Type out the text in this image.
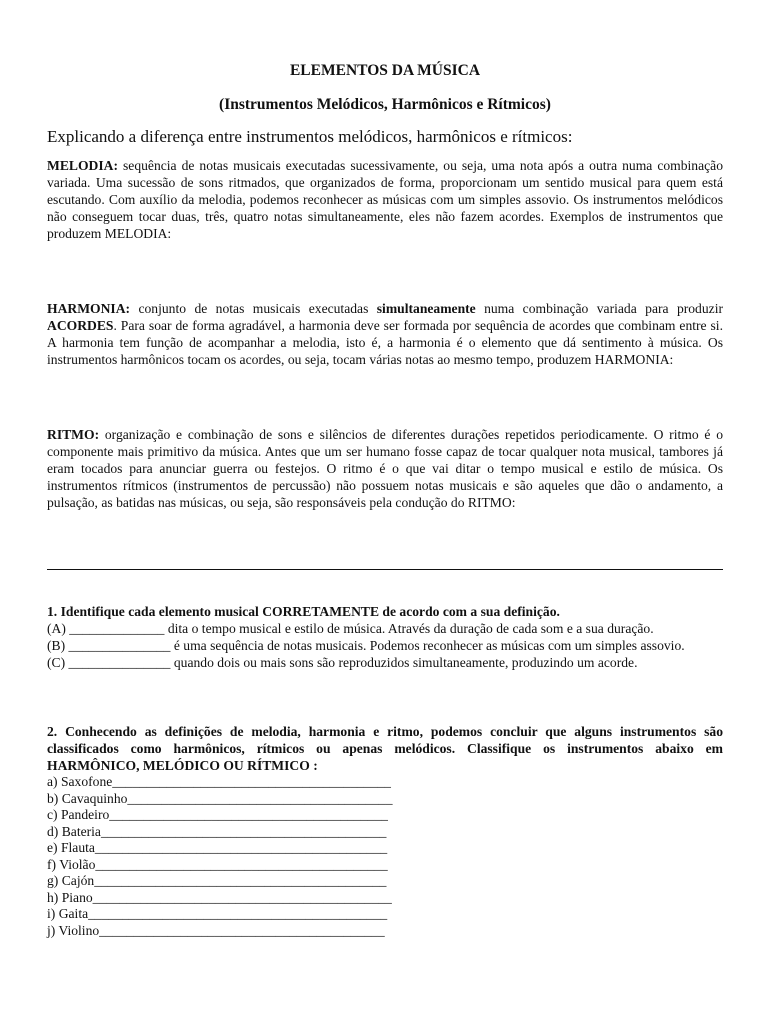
ELEMENTOS DA MÚSICA
(Instrumentos Melódicos, Harmônicos e Rítmicos)
Explicando a diferença entre instrumentos melódicos, harmônicos e rítmicos:
MELODIA: sequência de notas musicais executadas sucessivamente, ou seja, uma nota após a outra numa combinação variada. Uma sucessão de sons ritmados, que organizados de forma, proporcionam um sentido musical para quem está escutando. Com auxílio da melodia, podemos reconhecer as músicas com um simples assovio. Os instrumentos melódicos não conseguem tocar duas, três, quatro notas simultaneamente, eles não fazem acordes. Exemplos de instrumentos que produzem MELODIA:
HARMONIA: conjunto de notas musicais executadas simultaneamente numa combinação variada para produzir ACORDES. Para soar de forma agradável, a harmonia deve ser formada por sequência de acordes que combinam entre si. A harmonia tem função de acompanhar a melodia, isto é, a harmonia é o elemento que dá sentimento à música. Os instrumentos harmônicos tocam os acordes, ou seja, tocam várias notas ao mesmo tempo, produzem HARMONIA:
RITMO: organização e combinação de sons e silêncios de diferentes durações repetidos periodicamente. O ritmo é o componente mais primitivo da música. Antes que um ser humano fosse capaz de tocar qualquer nota musical, tambores já eram tocados para anunciar guerra ou festejos. O ritmo é o que vai ditar o tempo musical e estilo de música. Os instrumentos rítmicos (instrumentos de percussão) não possuem notas musicais e são aqueles que dão o andamento, a pulsação, as batidas nas músicas, ou seja, são responsáveis pela condução do RITMO:
1. Identifique cada elemento musical CORRETAMENTE de acordo com a sua definição.
(A) ______________ dita o tempo musical e estilo de música. Através da duração de cada som e a sua duração.
(B) _______________ é uma sequência de notas musicais. Podemos reconhecer as músicas com um simples assovio.
(C) _______________ quando dois ou mais sons são reproduzidos simultaneamente, produzindo um acorde.
2. Conhecendo as definições de melodia, harmonia e ritmo, podemos concluir que alguns instrumentos são classificados como harmônicos, rítmicos ou apenas melódicos. Classifique os instrumentos abaixo em HARMÔNICO, MELÓDICO OU RÍTMICO :
a) Saxofone_________________________________________
b) Cavaquinho_______________________________________
c) Pandeiro_________________________________________
d) Bateria__________________________________________
e) Flauta___________________________________________
f) Violão___________________________________________
g) Cajón___________________________________________
h) Piano____________________________________________
i) Gaita____________________________________________
j) Violino__________________________________________
